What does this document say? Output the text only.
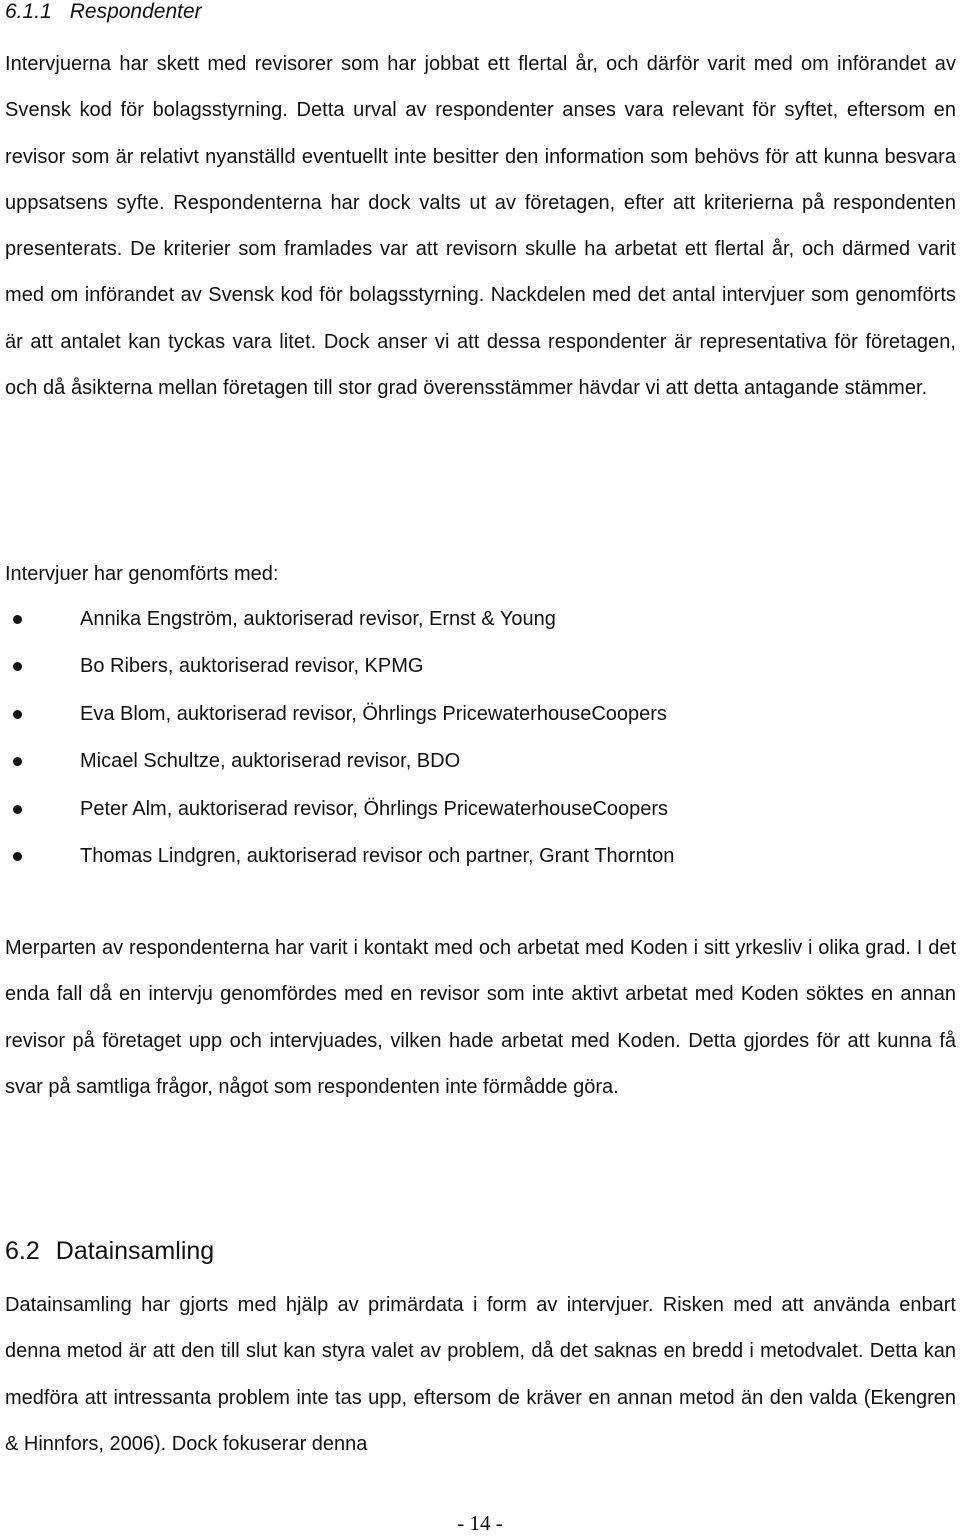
6.1.1 Respondenter

Intervjuerna har skett med revisorer som har jobbat ett flertal år, och därför varit med om införandet av Svensk kod för bolagsstyrning. Detta urval av respondenter anses vara relevant för syftet, eftersom en revisor som är relativt nyanställd eventuellt inte besitter den information som behövs för att kunna besvara uppsatsens syfte. Respondenterna har dock valts ut av företagen, efter att kriterierna på respondenten presenterats. De kriterier som framlades var att revisorn skulle ha arbetat ett flertal år, och därmed varit med om införandet av Svensk kod för bolagsstyrning. Nackdelen med det antal intervjuer som genomförts är att antalet kan tyckas vara litet. Dock anser vi att dessa respondenter är representativa för företagen, och då åsikterna mellan företagen till stor grad överensstämmer hävdar vi att detta antagande stämmer.

Intervjuer har genomförts med:
Annika Engström, auktoriserad revisor, Ernst & Young
Bo Ribers, auktoriserad revisor, KPMG
Eva Blom, auktoriserad revisor, Öhrlings PricewaterhouseCoopers
Micael Schultze, auktoriserad revisor, BDO
Peter Alm, auktoriserad revisor, Öhrlings PricewaterhouseCoopers
Thomas Lindgren, auktoriserad revisor och partner, Grant Thornton

Merparten av respondenterna har varit i kontakt med och arbetat med Koden i sitt yrkesliv i olika grad. I det enda fall då en intervju genomfördes med en revisor som inte aktivt arbetat med Koden söktes en annan revisor på företaget upp och intervjuades, vilken hade arbetat med Koden. Detta gjordes för att kunna få svar på samtliga frågor, något som respondenten inte förmådde göra.

6.2 Datainsamling

Datainsamling har gjorts med hjälp av primärdata i form av intervjuer. Risken med att använda enbart denna metod är att den till slut kan styra valet av problem, då det saknas en bredd i metodvalet. Detta kan medföra att intressanta problem inte tas upp, eftersom de kräver en annan metod än den valda (Ekengren & Hinnfors, 2006). Dock fokuserar denna

- 14 -
